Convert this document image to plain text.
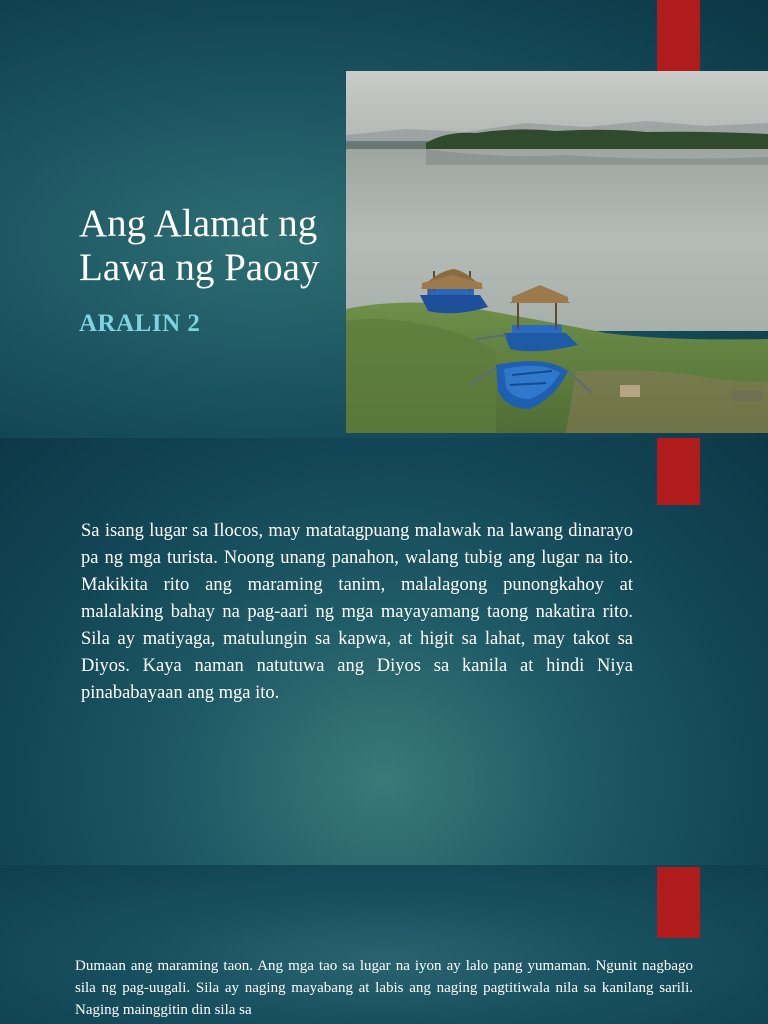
Ang Alamat ng
Lawa ng Paoay
ARALIN 2

Sa isang lugar sa Ilocos, may matatagpuang malawak na lawang dinarayo pa ng mga turista. Noong unang panahon, walang tubig ang lugar na ito. Makikita rito ang maraming tanim, malalagong punongkahoy at malalaking bahay na pag-aari ng mga mayayamang taong nakatira rito. Sila ay matiyaga, matulungin sa kapwa, at higit sa lahat, may takot sa Diyos. Kaya naman natutuwa ang Diyos sa kanila at hindi Niya pinababayaan ang mga ito.

Dumaan ang maraming taon. Ang mga tao sa lugar na iyon ay lalo pang yumaman. Ngunit nagbago sila ng pag-uugali. Sila ay naging mayabang at labis ang naging pagtitiwala nila sa kanilang sarili. Naging mainggitin din sila sa
